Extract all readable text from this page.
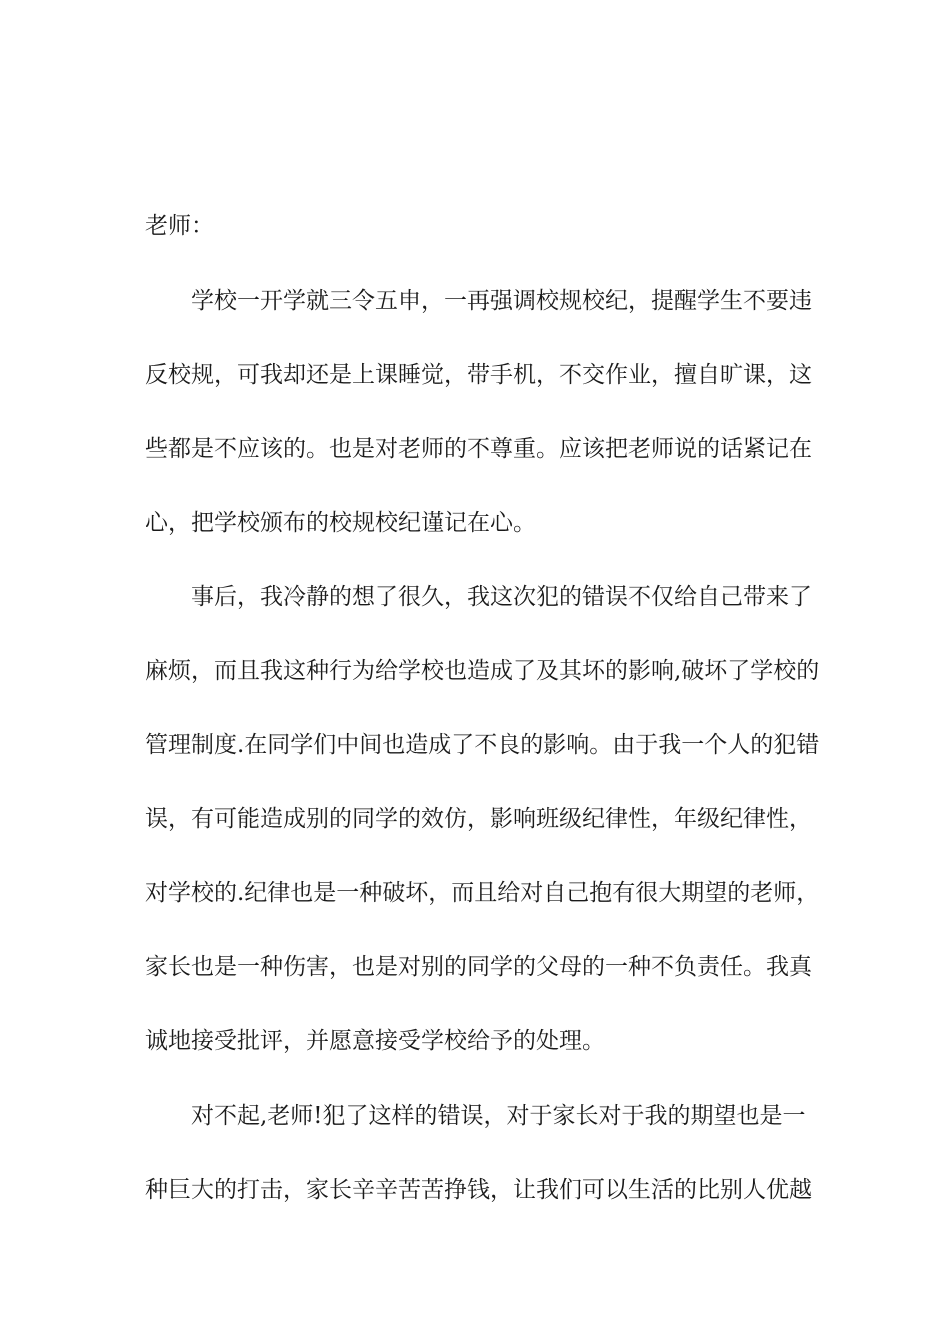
老师：
学校一开学就三令五申，一再强调校规校纪，提醒学生不要违
反校规，可我却还是上课睡觉，带手机，不交作业，擅自旷课，这
些都是不应该的。也是对老师的不尊重。应该把老师说的话紧记在
心，把学校颁布的校规校纪谨记在心。
事后，我冷静的想了很久，我这次犯的错误不仅给自己带来了
麻烦，而且我这种行为给学校也造成了及其坏的影响,破坏了学校的
管理制度.在同学们中间也造成了不良的影响。由于我一个人的犯错
误，有可能造成别的同学的效仿，影响班级纪律性，年级纪律性，
对学校的.纪律也是一种破坏，而且给对自己抱有很大期望的老师，
家长也是一种伤害，也是对别的同学的父母的一种不负责任。我真
诚地接受批评，并愿意接受学校给予的处理。
对不起,老师!犯了这样的错误，对于家长对于我的期望也是一
种巨大的打击，家长辛辛苦苦挣钱，让我们可以生活的比别人优越
